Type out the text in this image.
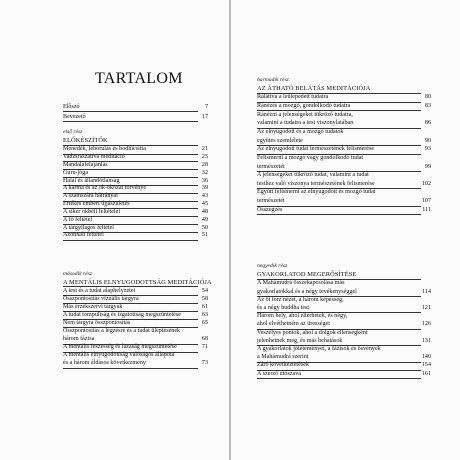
TARTALOM
Előszó	7
Bevezető	17
első rész
ELŐKÉSZÍTŐK
Menedék, leborulás és bodhicsitta	21
Vadzsraszattva meditáció	25
Mandalafelajánlás	28
Guru-jóga	32
Halál és állandótlanság	36
A karma és az ok-okozat törvénye	39
A szamszára hátrányai	43
Értékes emberi újjászületés	45
A siker okbéli feltételei	48
A fő feltétel	49
A tárgyilagos feltétel	50
Azonnali feltétel	51
második rész
A MENTÁLIS ELNYUGODOTTSÁG MEDITÁCIÓJA
A test és a tudat alaphelyzetei	54
Összpontosítás vizuális tárgyra	58
Más érzékszervi tárgyak	61
A tudat tompultság és izgatottság megszüntetése	63
Nem tárgyra összpontosítás	65
Összpontosítás a légzésre és a tudat üleptésének
három fázisa	68
A mentális feszesség és lazaság megszüntetése	71
A mentális elnyugodottság valóságos állapota
és a három áldásos következmény	73
harmadik rész
AZ ÁTHATÓ BELÁTÁS MEDITÁCIÓJA
Ráláttva a leülepedett tudatra	80
Ránézés a mozgó, gondolkodó tudatra	83
Ránézni a jelenségeket tükröző tudatra,
valamint a tudatra a test viszonylatában	86
Az elnyugodott és a mozgó tudatok
együtes szemlélete	90
Az elnyugodott tudat természetének felismerése	93
Felismerni a mozgó vagy gondolkodó tudat
természetét	99
A jelenségeket tükröző tudat, valamint a tudat
testhez való viszonya természetének felismerése	102
Együtt felismerni az elnyugodott és mozgó tudat
természetét	107
Összegzés	111
negyedik rész
GYAKORLATOD MEGERŐSÍTÉSE
A Mahámudrá összekapcsolása más
gyakorlatokkal és a négy tevékenységgel	114
Az öt torz nézet, a három képesség,
és a négy buddha test	121
Három hely, ahol eltérhetek, és négy,
ahol elvéthetném az ürességet	126
Veszélyes pontok, ahol a dolgok ellenségként
jelenhetnek meg, és más behatások	131
A gyakorlatok jótéteményei, a fázisok és ösvények
a Mahámudrá szerint	140
Záró következtetések	154
A szerző utószava	161
